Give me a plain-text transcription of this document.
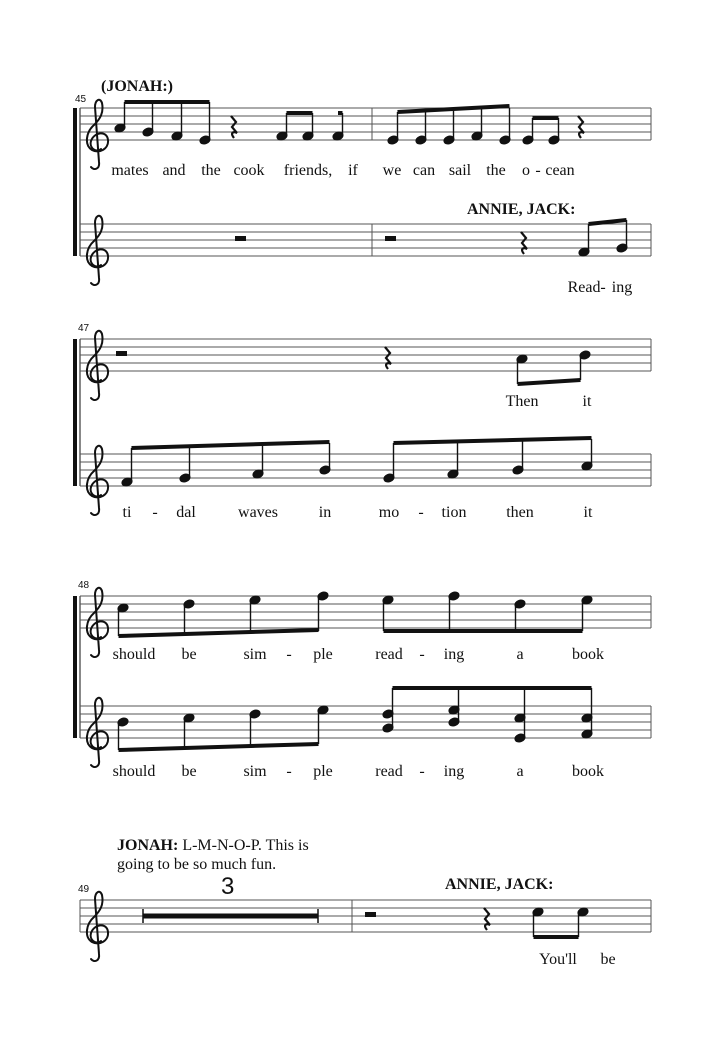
45
47
48
49
(JONAH:)
ANNIE, JACK:
mates and the cook friends, if we can sail the o - cean
Read - ing
Then	it
ti - dal	waves	in	mo - tion then	it
should be	sim - ple	read - ing	a	book
should be	sim - ple	read - ing	a	book
JONAH: L-M-N-O-P. This is
going to be so much fun.
3	ANNIE, JACK:
You'll be
